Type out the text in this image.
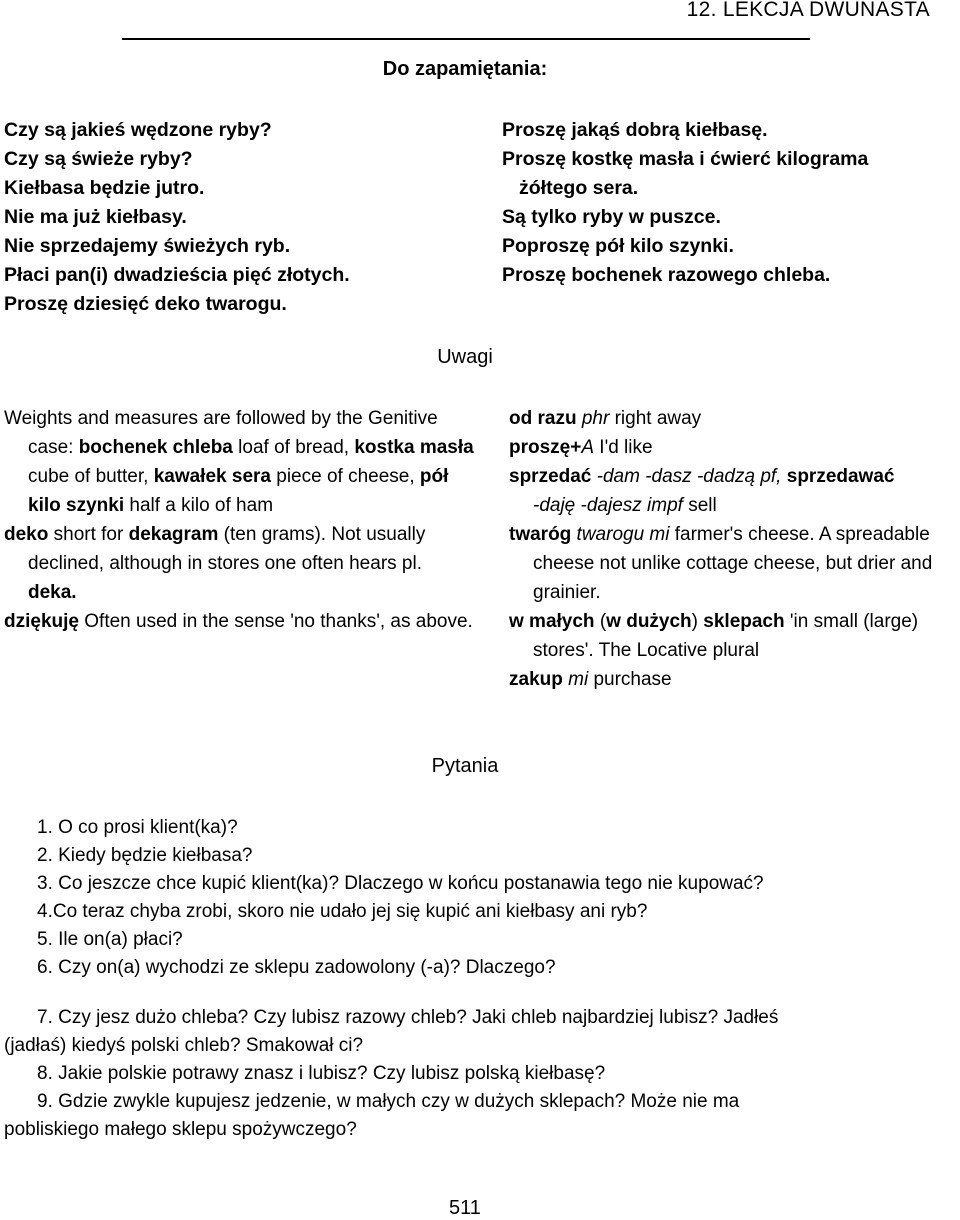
12. LEKCJA DWUNASTA
Do zapamiętania:
Czy są jakieś wędzone ryby?
Czy są świeże ryby?
Kiełbasa będzie jutro.
Nie ma już kiełbasy.
Nie sprzedajemy świeżych ryb.
Płaci pan(i) dwadzieścia pięć złotych.
Proszę dziesięć deko twarogu.
Proszę jakąś dobrą kiełbasę.
Proszę kostkę masła i ćwierć kilograma
żółtego sera.
Są tylko ryby w puszce.
Poproszę pół kilo szynki.
Proszę bochenek razowego chleba.
Uwagi

Weights and measures are followed by the Genitive case: bochenek chleba loaf of bread, kostka masła cube of butter, kawałek sera piece of cheese, pół kilo szynki half a kilo of ham

deko short for dekagram (ten grams). Not usually declined, although in stores one often hears pl. deka.

dziękuję Often used in the sense 'no thanks', as above.

od razu phr right away

proszę+A I'd like

sprzedać -dam -dasz -dadzą pf, sprzedawać
-daję -dajesz impf sell

twaróg twarogu mi farmer's cheese. A spreadable cheese not unlike cottage cheese, but drier and grainier.

w małych (w dużych) sklepach 'in small (large) stores'. The Locative plural

zakup mi purchase

Pytania

1. O co prosi klient(ka)?

2. Kiedy będzie kiełbasa?

3. Co jeszcze chce kupić klient(ka)? Dlaczego w końcu postanawia tego nie kupować?

4.Co teraz chyba zrobi, skoro nie udało jej się kupić ani kiełbasy ani ryb?

5. Ile on(a) płaci?

6. Czy on(a) wychodzi ze sklepu zadowolony (-a)? Dlaczego?

7. Czy jesz dużo chleba? Czy lubisz razowy chleb? Jaki chleb najbardziej lubisz? Jadłeś

(jadłaś) kiedyś polski chleb? Smakował ci?

8. Jakie polskie potrawy znasz i lubisz? Czy lubisz polską kiełbasę?

9. Gdzie zwykle kupujesz jedzenie, w małych czy w dużych sklepach? Może nie ma

pobliskiego małego sklepu spożywczego?

511
